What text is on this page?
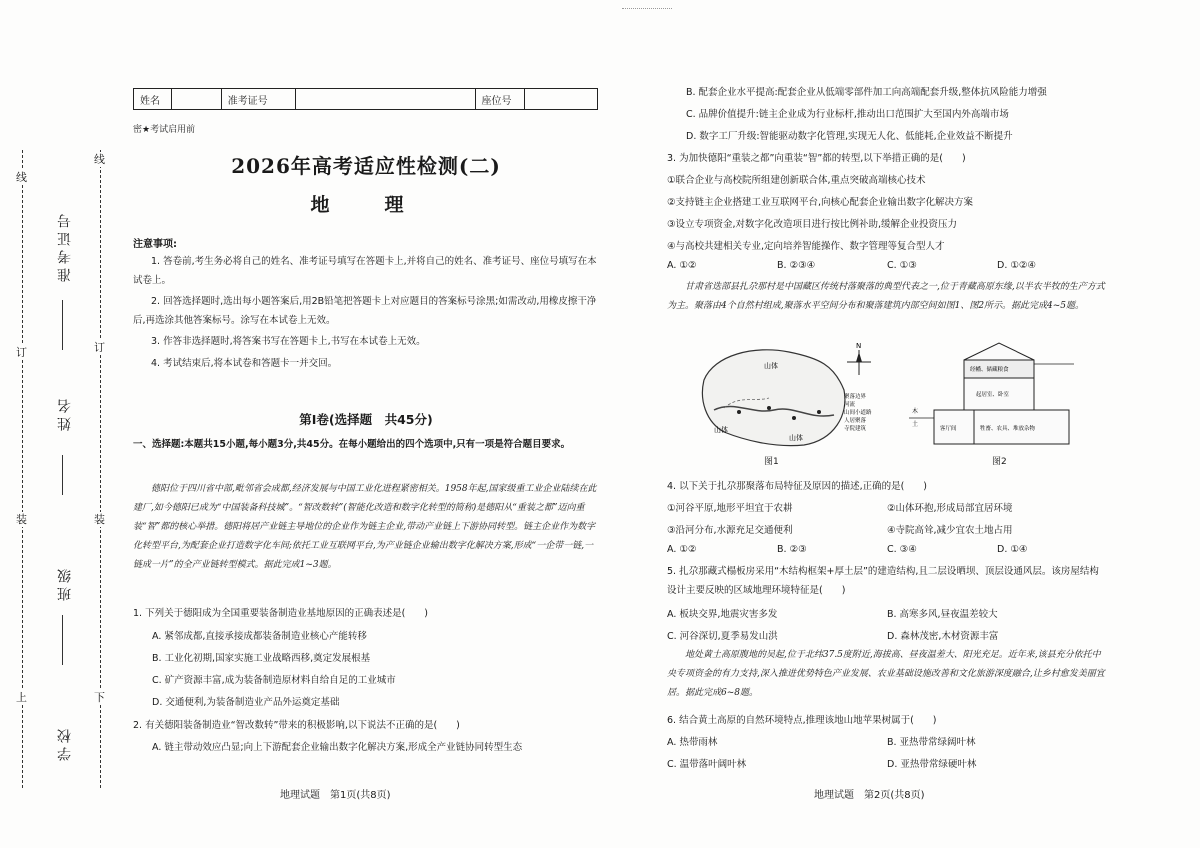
线
线
订	订
装	装
上	下
准考证号
姓名
班级
学校
姓名	准考证号	座位号
密★考试启用前
2026年高考适应性检测(二)
地　理
注意事项:
1. 答卷前,考生务必将自己的姓名、准考证号填写在答题卡上,并将自己的姓名、准考证号、座位号填写在本试卷上。
2. 回答选择题时,选出每小题答案后,用2B铅笔把答题卡上对应题目的答案标号涂黑;如需改动,用橡皮擦干净后,再选涂其他答案标号。涂写在本试卷上无效。
3. 作答非选择题时,将答案书写在答题卡上,书写在本试卷上无效。
4. 考试结束后,将本试卷和答题卡一并交回。
第Ⅰ卷(选择题　共45分)
一、选择题:本题共15小题,每小题3分,共45分。在每小题给出的四个选项中,只有一项是符合题目要求。
德阳位于四川省中部,毗邻省会成都,经济发展与中国工业化进程紧密相关。1958年起,国家级重工业企业陆续在此建厂,如今德阳已成为“中国装备科技城”。“智改数转”(智能化改造和数字化转型的简称)是德阳从“重装之都”迈向重装“智”都的核心举措。德阳将居产业链主导地位的企业作为链主企业,带动产业链上下游协同转型。链主企业作为数字化转型平台,为配套企业打造数字化车间;依托工业互联网平台,为产业链企业输出数字化解决方案,形成“一企带一链,一链成一片”的全产业链转型模式。据此完成1~3题。
1. 下列关于德阳成为全国重要装备制造业基地原因的正确表述是(　　)
A. 紧邻成都,直接承接成都装备制造业核心产能转移
B. 工业化初期,国家实施工业战略西移,奠定发展根基
C. 矿产资源丰富,成为装备制造原材料自给自足的工业城市
D. 交通便利,为装备制造业产品外运奠定基础
2. 有关德阳装备制造业“智改数转”带来的积极影响,以下说法不正确的是(　　)
A. 链主带动效应凸显;向上下游配套企业输出数字化解决方案,形成全产业链协同转型生态
地理试题　第1页(共8页)
B. 配套企业水平提高:配套企业从低端零部件加工向高端配套升级,整体抗风险能力增强
C. 品牌价值提升:链主企业成为行业标杆,推动出口范围扩大至国内外高端市场
D. 数字工厂升级:智能驱动数字化管理,实现无人化、低能耗,企业效益不断提升
3. 为加快德阳“重装之都”向重装“智”都的转型,以下举措正确的是(　　)
①联合企业与高校院所组建创新联合体,重点突破高端核心技术
②支持链主企业搭建工业互联网平台,向核心配套企业输出数字化解决方案
③设立专项资金,对数字化改造项目进行按比例补助,缓解企业投资压力
④与高校共建相关专业,定向培养智能操作、数字管理等复合型人才
A. ①②	B. ②③④	C. ①③	D. ①②④
甘肃省迭部县扎尕那村是中国藏区传统村落聚落的典型代表之一,位于青藏高原东缘,以半农半牧的生产方式为主。聚落由4个自然村组成,聚落水平空间分布和聚落建筑内部空间如图1、图2所示。据此完成4~5题。
山体
山体
山体
N
聚落边界
河流
山间小道路
人居聚落
寺院建筑
图1
经幡、储藏粮食
起居室、卧室
牲畜、农具、堆放杂物
客厅间
木
土
图2
4. 以下关于扎尕那聚落布局特征及原因的描述,正确的是(　　)
①河谷平原,地形平坦宜于农耕	②山体环抱,形成局部宜居环境
③沿河分布,水源充足交通便利	④寺院高耸,减少宜农土地占用
A. ①②	B. ②③	C. ③④	D. ①④
5. 扎尕那藏式榻板房采用“木结构框架+厚土层”的建造结构,且二层设晒坝、顶层设通风层。该房屋结构设计主要反映的区域地理环境特征是(　　)
A. 板块交界,地震灾害多发	B. 高寒多风,昼夜温差较大
C. 河谷深切,夏季易发山洪	D. 森林茂密,木材资源丰富
地处黄土高原腹地的吴起,位于北纬37.5度附近,海拔高、昼夜温差大、阳光充足。近年来,该县充分依托中央专项资金的有力支持,深入推进优势特色产业发展、农业基础设施改善和文化旅游深度融合,让乡村愈发美丽宜居。据此完成6~8题。
6. 结合黄土高原的自然环境特点,推理该地山地苹果树属于(　　)
A. 热带雨林	B. 亚热带常绿阔叶林
C. 温带落叶阔叶林	D. 亚热带常绿硬叶林
地理试题　第2页(共8页)
